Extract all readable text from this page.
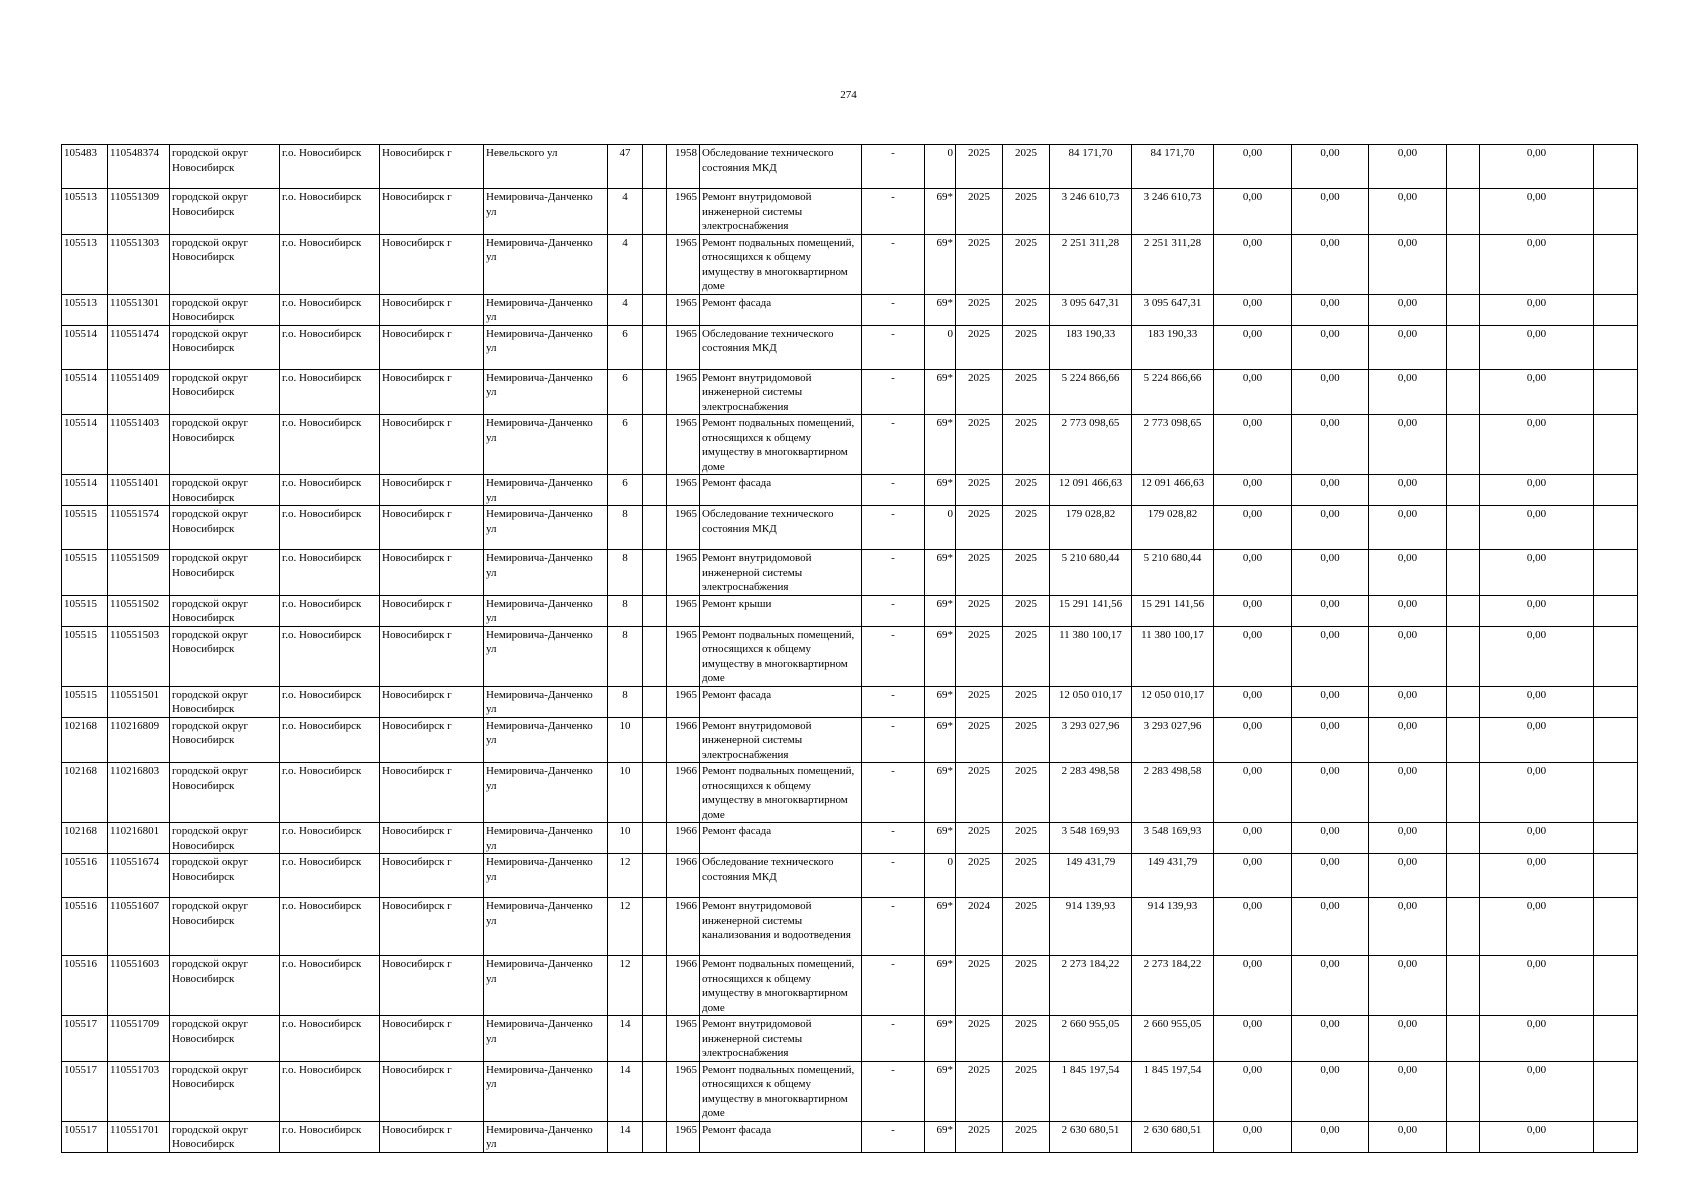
274
105483	110548374	городской округ Новосибирск	г.о. Новосибирск	Новосибирск г	Невельского ул	47		1958	Обследование технического состояния МКД	-	0	2025	2025	84 171,70	84 171,70	0,00	0,00	0,00		0,00	
105513	110551309	городской округ Новосибирск	г.о. Новосибирск	Новосибирск г	Немировича-Данченко ул	4		1965	Ремонт внутридомовой инженерной системы электроснабжения	-	69*	2025	2025	3 246 610,73	3 246 610,73	0,00	0,00	0,00		0,00	
105513	110551303	городской округ Новосибирск	г.о. Новосибирск	Новосибирск г	Немировича-Данченко ул	4		1965	Ремонт подвальных помещений, относящихся к общему имуществу в многоквартирном доме	-	69*	2025	2025	2 251 311,28	2 251 311,28	0,00	0,00	0,00		0,00	
105513	110551301	городской округ Новосибирск	г.о. Новосибирск	Новосибирск г	Немировича-Данченко ул	4		1965	Ремонт фасада	-	69*	2025	2025	3 095 647,31	3 095 647,31	0,00	0,00	0,00		0,00	
105514	110551474	городской округ Новосибирск	г.о. Новосибирск	Новосибирск г	Немировича-Данченко ул	6		1965	Обследование технического состояния МКД	-	0	2025	2025	183 190,33	183 190,33	0,00	0,00	0,00		0,00	
105514	110551409	городской округ Новосибирск	г.о. Новосибирск	Новосибирск г	Немировича-Данченко ул	6		1965	Ремонт внутридомовой инженерной системы электроснабжения	-	69*	2025	2025	5 224 866,66	5 224 866,66	0,00	0,00	0,00		0,00	
105514	110551403	городской округ Новосибирск	г.о. Новосибирск	Новосибирск г	Немировича-Данченко ул	6		1965	Ремонт подвальных помещений, относящихся к общему имуществу в многоквартирном доме	-	69*	2025	2025	2 773 098,65	2 773 098,65	0,00	0,00	0,00		0,00	
105514	110551401	городской округ Новосибирск	г.о. Новосибирск	Новосибирск г	Немировича-Данченко ул	6		1965	Ремонт фасада	-	69*	2025	2025	12 091 466,63	12 091 466,63	0,00	0,00	0,00		0,00	
105515	110551574	городской округ Новосибирск	г.о. Новосибирск	Новосибирск г	Немировича-Данченко ул	8		1965	Обследование технического состояния МКД	-	0	2025	2025	179 028,82	179 028,82	0,00	0,00	0,00		0,00	
105515	110551509	городской округ Новосибирск	г.о. Новосибирск	Новосибирск г	Немировича-Данченко ул	8		1965	Ремонт внутридомовой инженерной системы электроснабжения	-	69*	2025	2025	5 210 680,44	5 210 680,44	0,00	0,00	0,00		0,00	
105515	110551502	городской округ Новосибирск	г.о. Новосибирск	Новосибирск г	Немировича-Данченко ул	8		1965	Ремонт крыши	-	69*	2025	2025	15 291 141,56	15 291 141,56	0,00	0,00	0,00		0,00	
105515	110551503	городской округ Новосибирск	г.о. Новосибирск	Новосибирск г	Немировича-Данченко ул	8		1965	Ремонт подвальных помещений, относящихся к общему имуществу в многоквартирном доме	-	69*	2025	2025	11 380 100,17	11 380 100,17	0,00	0,00	0,00		0,00	
105515	110551501	городской округ Новосибирск	г.о. Новосибирск	Новосибирск г	Немировича-Данченко ул	8		1965	Ремонт фасада	-	69*	2025	2025	12 050 010,17	12 050 010,17	0,00	0,00	0,00		0,00	
102168	110216809	городской округ Новосибирск	г.о. Новосибирск	Новосибирск г	Немировича-Данченко ул	10		1966	Ремонт внутридомовой инженерной системы электроснабжения	-	69*	2025	2025	3 293 027,96	3 293 027,96	0,00	0,00	0,00		0,00	
102168	110216803	городской округ Новосибирск	г.о. Новосибирск	Новосибирск г	Немировича-Данченко ул	10		1966	Ремонт подвальных помещений, относящихся к общему имуществу в многоквартирном доме	-	69*	2025	2025	2 283 498,58	2 283 498,58	0,00	0,00	0,00		0,00	
102168	110216801	городской округ Новосибирск	г.о. Новосибирск	Новосибирск г	Немировича-Данченко ул	10		1966	Ремонт фасада	-	69*	2025	2025	3 548 169,93	3 548 169,93	0,00	0,00	0,00		0,00	
105516	110551674	городской округ Новосибирск	г.о. Новосибирск	Новосибирск г	Немировича-Данченко ул	12		1966	Обследование технического состояния МКД	-	0	2025	2025	149 431,79	149 431,79	0,00	0,00	0,00		0,00	
105516	110551607	городской округ Новосибирск	г.о. Новосибирск	Новосибирск г	Немировича-Данченко ул	12		1966	Ремонт внутридомовой инженерной системы канализования и водоотведения	-	69*	2024	2025	914 139,93	914 139,93	0,00	0,00	0,00		0,00	
105516	110551603	городской округ Новосибирск	г.о. Новосибирск	Новосибирск г	Немировича-Данченко ул	12		1966	Ремонт подвальных помещений, относящихся к общему имуществу в многоквартирном доме	-	69*	2025	2025	2 273 184,22	2 273 184,22	0,00	0,00	0,00		0,00	
105517	110551709	городской округ Новосибирск	г.о. Новосибирск	Новосибирск г	Немировича-Данченко ул	14		1965	Ремонт внутридомовой инженерной системы электроснабжения	-	69*	2025	2025	2 660 955,05	2 660 955,05	0,00	0,00	0,00		0,00	
105517	110551703	городской округ Новосибирск	г.о. Новосибирск	Новосибирск г	Немировича-Данченко ул	14		1965	Ремонт подвальных помещений, относящихся к общему имуществу в многоквартирном доме	-	69*	2025	2025	1 845 197,54	1 845 197,54	0,00	0,00	0,00		0,00	
105517	110551701	городской округ Новосибирск	г.о. Новосибирск	Новосибирск г	Немировича-Данченко ул	14		1965	Ремонт фасада	-	69*	2025	2025	2 630 680,51	2 630 680,51	0,00	0,00	0,00		0,00	
